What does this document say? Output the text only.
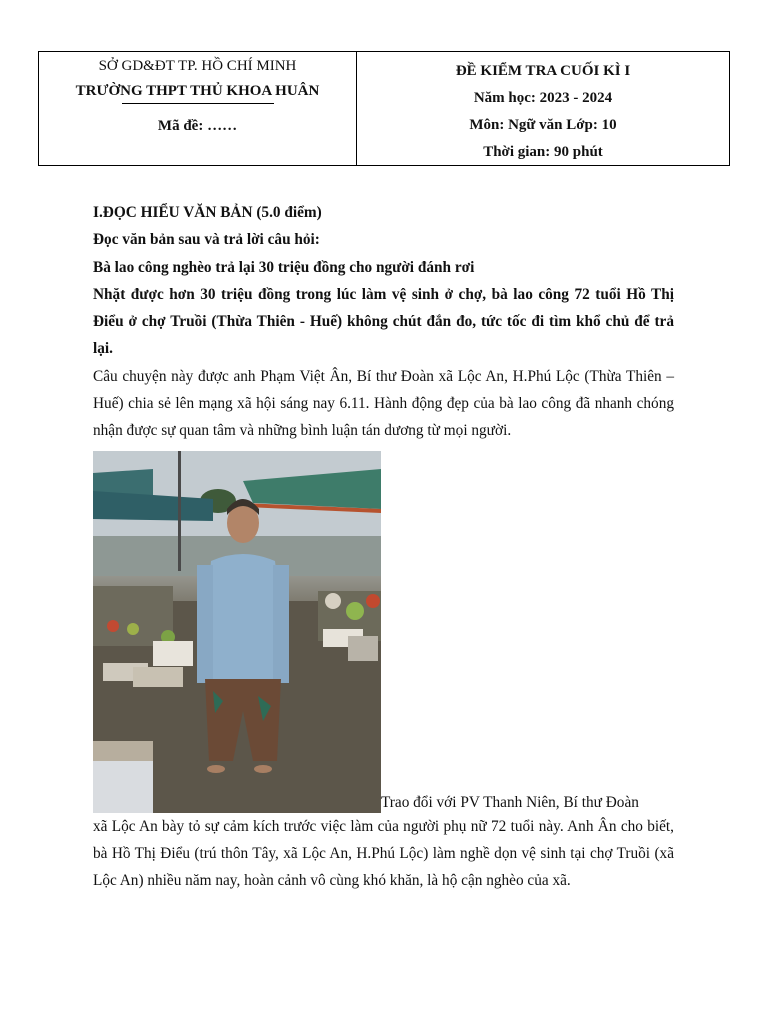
SỞ GD&ĐT TP. HỒ CHÍ MINH
TRƯỜNG THPT THỦ KHOA HUÂN
Mã đề: ……
ĐỀ KIỂM TRA CUỐI KÌ I
Năm học: 2023 - 2024
Môn: Ngữ văn Lớp: 10
Thời gian: 90 phút

I.ĐỌC HIỂU VĂN BẢN (5.0 điểm)

Đọc văn bản sau và trả lời câu hỏi:

Bà lao công nghèo trả lại 30 triệu đồng cho người đánh rơi

Nhặt được hơn 30 triệu đồng trong lúc làm vệ sinh ở chợ, bà lao công 72 tuổi Hồ Thị Điểu ở chợ Truồi (Thừa Thiên - Huế) không chút đắn đo, tức tốc đi tìm khổ chủ để trả lại.

Câu chuyện này được anh Phạm Việt Ân, Bí thư Đoàn xã Lộc An, H.Phú Lộc (Thừa Thiên – Huế) chia sẻ lên mạng xã hội sáng nay 6.11. Hành động đẹp của bà lao công đã nhanh chóng nhận được sự quan tâm và những bình luận tán dương từ mọi người.

Trao đổi với PV Thanh Niên, Bí thư Đoàn

xã Lộc An bày tỏ sự cảm kích trước việc làm của người phụ nữ 72 tuổi này. Anh Ân cho biết, bà Hồ Thị Điểu (trú thôn Tây, xã Lộc An, H.Phú Lộc) làm nghề dọn vệ sinh tại chợ Truồi (xã Lộc An) nhiều năm nay, hoàn cảnh vô cùng khó khăn, là hộ cận nghèo của xã.
